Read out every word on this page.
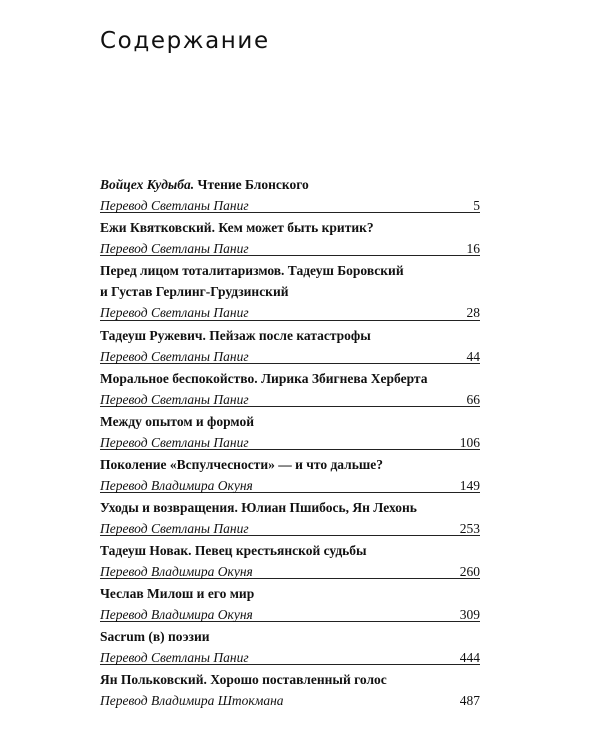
Содержание
Войцех Кудыба. Чтение Блонского
Перевод Светланы Паниг	5
Ежи Квятковский. Кем может быть критик?
Перевод Светланы Паниг	16
Перед лицом тоталитаризмов. Тадеуш Боровский
и Густав Герлинг-Грудзинский
Перевод Светланы Паниг	28
Тадеуш Ружевич. Пейзаж после катастрофы
Перевод Светланы Паниг	44
Моральное беспокойство. Лирика Збигнева Херберта
Перевод Светланы Паниг	66
Между опытом и формой
Перевод Светланы Паниг	106
Поколение «Вспулчесности» — и что дальше?
Перевод Владимира Окуня	149
Уходы и возвращения. Юлиан Пшибось, Ян Лехонь
Перевод Светланы Паниг	253
Тадеуш Новак. Певец крестьянской судьбы
Перевод Владимира Окуня	260
Чеслав Милош и его мир
Перевод Владимира Окуня	309
Sacrum (в) поэзии
Перевод Светланы Паниг	444
Ян Польковский. Хорошо поставленный голос
Перевод Владимира Штокмана	487
